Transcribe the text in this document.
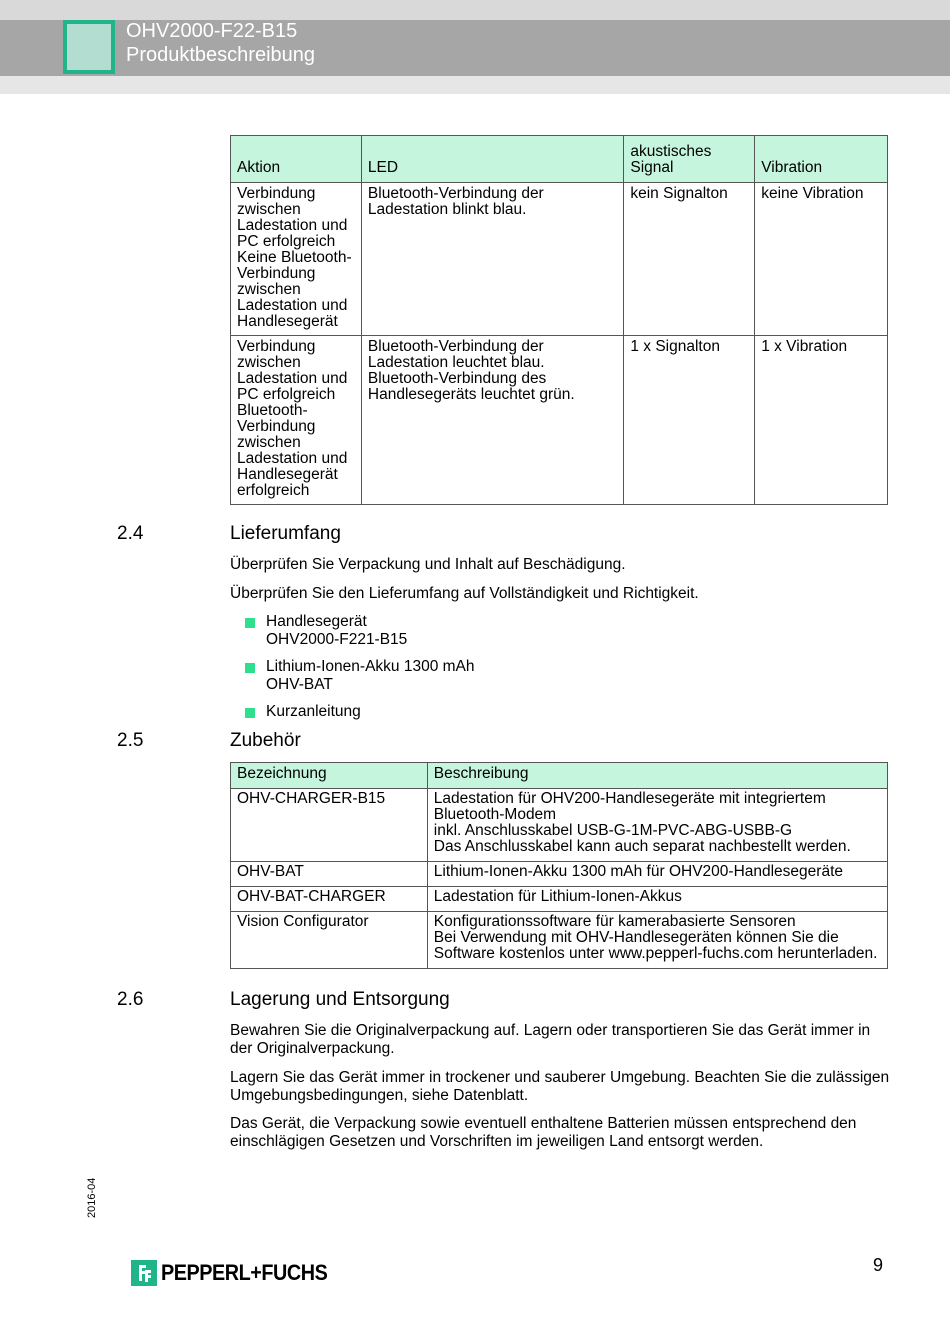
OHV2000-F22-B15
Produktbeschreibung
Aktion	LED	akustisches Signal	Vibration
Verbindung zwischen Ladestation und PC erfolgreich Keine Bluetooth-Verbindung zwischen Ladestation und Handlesegerät	Bluetooth-Verbindung der Ladestation blinkt blau.	kein Signalton	keine Vibration
Verbindung zwischen Ladestation und PC erfolgreich Bluetooth-Verbindung zwischen Ladestation und Handlesegerät erfolgreich	Bluetooth-Verbindung der Ladestation leuchtet blau. Bluetooth-Verbindung des Handlesegeräts leuchtet grün.	1 x Signalton	1 x Vibration
2.4	Lieferumfang
Überprüfen Sie Verpackung und Inhalt auf Beschädigung.
Überprüfen Sie den Lieferumfang auf Vollständigkeit und Richtigkeit.
Handlesegerät
OHV2000-F221-B15
Lithium-Ionen-Akku 1300 mAh
OHV-BAT
Kurzanleitung
2.5	Zubehör
Bezeichnung	Beschreibung
OHV-CHARGER-B15	Ladestation für OHV200-Handlesegeräte mit integriertem Bluetooth-Modem
inkl. Anschlusskabel USB-G-1M-PVC-ABG-USBB-G
Das Anschlusskabel kann auch separat nachbestellt werden.

OHV-BAT	Lithium-Ionen-Akku 1300 mAh für OHV200-Handlesegeräte

OHV-BAT-CHARGER	Ladestation für Lithium-Ionen-Akkus

Vision Configurator	Konfigurationssoftware für kamerabasierte Sensoren
Bei Verwendung mit OHV-Handlesegeräten können Sie die Software kostenlos unter www.pepperl-fuchs.com herunterladen.
2.6	Lagerung und Entsorgung
Bewahren Sie die Originalverpackung auf. Lagern oder transportieren Sie das Gerät immer in der Originalverpackung.
Lagern Sie das Gerät immer in trockener und sauberer Umgebung. Beachten Sie die zulässigen Umgebungsbedingungen, siehe Datenblatt.
Das Gerät, die Verpackung sowie eventuell enthaltene Batterien müssen entsprechend den einschlägigen Gesetzen und Vorschriften im jeweiligen Land entsorgt werden.
2016-04
PEPPERL+FUCHS	9
